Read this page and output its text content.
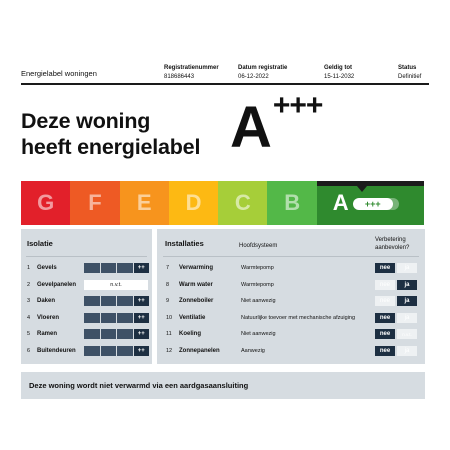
Energielabel woningen
Registratienummer
818686443
Datum registratie
06-12-2022
Geldig tot
15-11-2032
Status
Definitief
Deze woning
heeft energielabel A+++
G F E D C B A	+++
Isolatie
1	Gevels	++
2	Gevelpanelen	n.v.t.
3	Daken	++
4	Vloeren	++
5	Ramen	++
6	Buitendeuren	++
Installaties	Hoofdsysteem
Verbetering aanbevolen?
7	Verwarming	Warmtepomp	nee	ja
8	Warm water	Warmtepomp	nee	ja
9	Zonneboiler	Niet aanwezig	nee	ja
10	Ventilatie	Natuurlijke toevoer met mechanische afzuiging	nee	ja
11	Koeling	Niet aanwezig	nee	n.v.t.
12	Zonnepanelen	Aanwezig	nee	ja
Deze woning wordt niet verwarmd via een aardgasaansluiting
